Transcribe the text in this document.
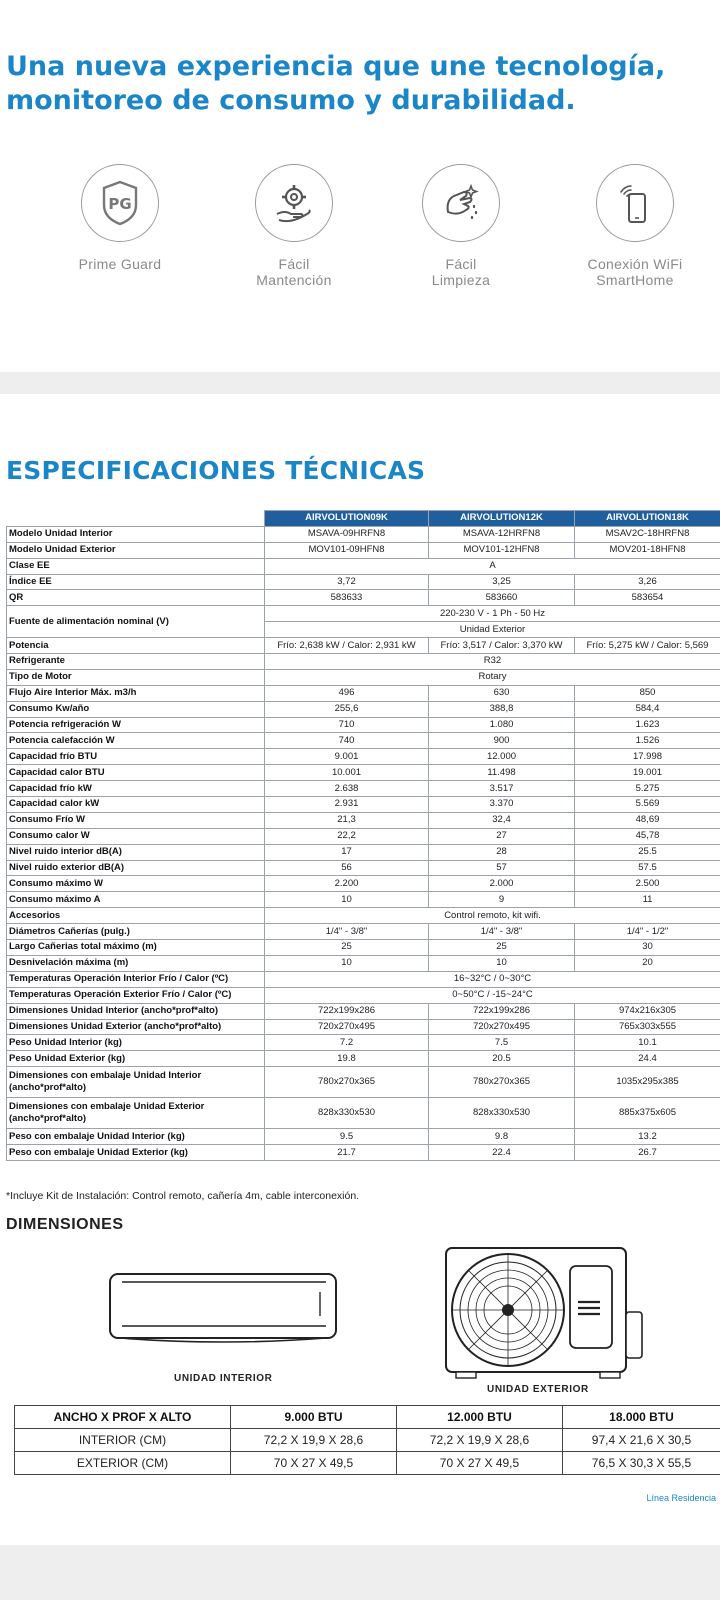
Una nueva experiencia que une tecnología, monitoreo de consumo y durabilidad.
PG
Prime Guard	Fácil
Mantención
Fácil
Limpieza
Conexión WiFi
SmartHome
ESPECIFICACIONES TÉCNICAS
	AIRVOLUTION09K	AIRVOLUTION12K	AIRVOLUTION18K
Modelo Unidad Interior	MSAVA-09HRFN8	MSAVA-12HRFN8	MSAV2C-18HRFN8
Modelo Unidad Exterior	MOV101-09HFN8	MOV101-12HFN8	MOV201-18HFN8
Clase EE	A		
Índice EE	3,72	3,25	3,26
QR	583633	583660	583654
Fuente de alimentación nominal (V)	220-230 V - 1 Ph - 50 Hz		
	Unidad Exterior		
Potencia	Frío: 2,638 kW / Calor: 2,931 kW	Frío: 3,517 / Calor: 3,370 kW	Frío: 5,275 kW / Calor: 5,569
Refrigerante	R32		
Tipo de Motor	Rotary		
Flujo Aire Interior Máx. m3/h	496	630	850
Consumo Kw/año	255,6	388,8	584,4
Potencia refrigeración W	710	1.080	1.623
Potencia calefacción W	740	900	1.526
Capacidad frío BTU	9.001	12.000	17.998
Capacidad calor BTU	10.001	11.498	19.001
Capacidad frío kW	2.638	3.517	5.275
Capacidad calor kW	2.931	3.370	5.569
Consumo Frío W	21,3	32,4	48,69
Consumo calor W	22,2	27	45,78
Nivel ruido interior dB(A)	17	28	25.5
Nivel ruido exterior dB(A)	56	57	57.5
Consumo máximo W	2.200	2.000	2.500
Consumo máximo A	10	9	11
Accesorios	Control remoto, kit wifi.		
Diámetros Cañerías (pulg.)	1/4" - 3/8"	1/4" - 3/8"	1/4" - 1/2"
Largo Cañerias total máximo (m)	25	25	30
Desnivelación máxima (m)	10	10	20
Temperaturas Operación Interior Frío / Calor (ºC)	16~32°C / 0~30°C		
Temperaturas Operación Exterior Frío / Calor (ºC)	0~50°C / -15~24°C		
Dimensiones Unidad Interior (ancho*prof*alto)	722x199x286	722x199x286	974x216x305
Dimensiones Unidad Exterior (ancho*prof*alto)	720x270x495	720x270x495	765x303x555
Peso Unidad Interior (kg)	7.2	7.5	10.1
Peso Unidad Exterior (kg)	19.8	20.5	24.4
Dimensiones con embalaje Unidad Interior (ancho*prof*alto)	780x270x365	780x270x365	1035x295x385
Dimensiones con embalaje Unidad Exterior (ancho*prof*alto)	828x330x530	828x330x530	885x375x605
Peso con embalaje Unidad Interior (kg)	9.5	9.8	13.2
Peso con embalaje Unidad Exterior (kg)	21.7	22.4	26.7
*Incluye Kit de Instalación: Control remoto, cañería 4m, cable interconexión.
DIMENSIONES
UNIDAD INTERIOR
UNIDAD EXTERIOR
ANCHO X PROF X ALTO	9.000 BTU	12.000 BTU	18.000 BTU
INTERIOR (CM)	72,2 X 19,9 X 28,6	72,2 X 19,9 X 28,6	97,4 X 21,6 X 30,5
EXTERIOR (CM)	70 X 27 X 49,5	70 X 27 X 49,5	76,5 X 30,3 X 55,5
Línea Residencia
